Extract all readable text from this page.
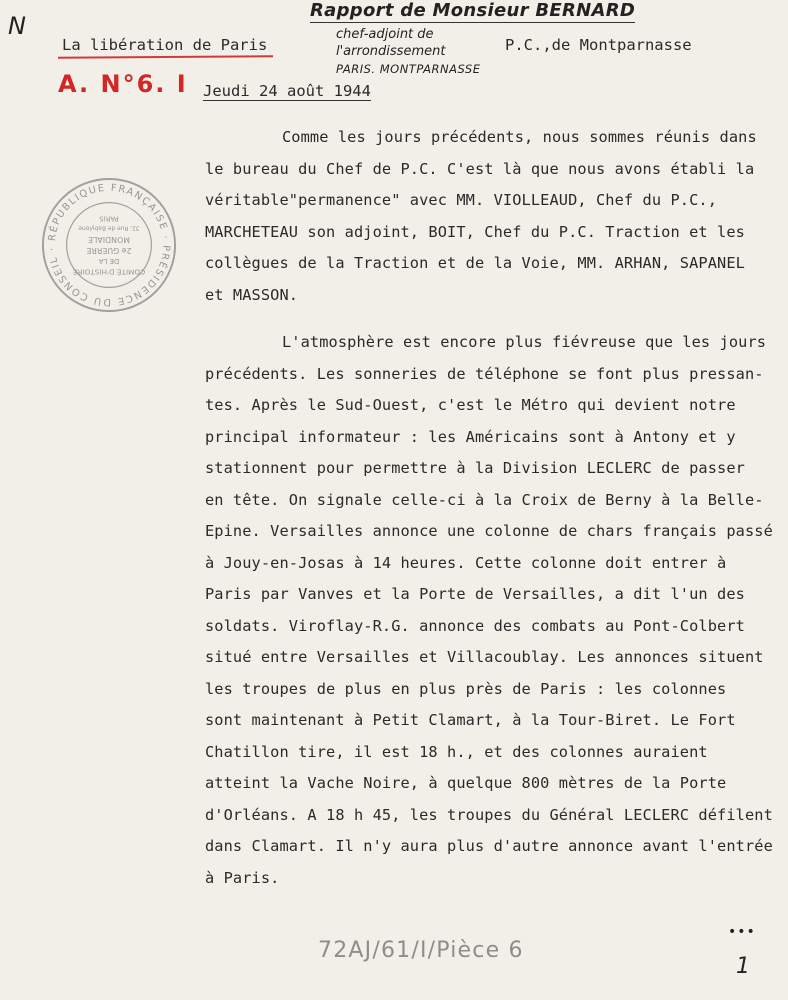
N
Rapport de Monsieur BERNARD
chef-adjoint de
l'arrondissement
PARIS. MONTPARNASSE
La libération de Paris	P.C.,de Montparnasse
A. N°6. I Jeudi 24 août 1944
PRÉSIDENCE DU CONSEIL · RÉPUBLIQUE FRANÇAISE ·
COMITÉ D'HISTOIRE
DE LA
2e GUERRE
MONDIALE
32, Rue de Babylone
PARIS
Comme les jours précédents, nous sommes réunis dans
le bureau du Chef de P.C. C'est là que nous avons établi la
véritable"permanence" avec MM. VIOLLEAUD, Chef du P.C.,
MARCHETEAU son adjoint, BOIT, Chef du P.C. Traction et les
collègues de la Traction et de la Voie, MM. ARHAN, SAPANEL
et MASSON.
L'atmosphère est encore plus fiévreuse que les jours
précédents. Les sonneries de téléphone se font plus pressan-
tes. Après le Sud-Ouest, c'est le Métro qui devient notre
principal informateur : les Américains sont à Antony et y
stationnent pour permettre à la Division LECLERC de passer
en tête. On signale celle-ci à la Croix de Berny à la Belle-
Epine. Versailles annonce une colonne de chars français passé
à Jouy-en-Josas à 14 heures. Cette colonne doit entrer à
Paris par Vanves et la Porte de Versailles, a dit l'un des
soldats. Viroflay-R.G. annonce des combats au Pont-Colbert
situé entre Versailles et Villacoublay. Les annonces situent
les troupes de plus en plus près de Paris : les colonnes
sont maintenant à Petit Clamart, à la Tour-Biret. Le Fort
Chatillon tire, il est 18 h., et des colonnes auraient
atteint la Vache Noire, à quelque 800 mètres de la Porte
d'Orléans. A 18 h 45, les troupes du Général LECLERC défilent
dans Clamart. Il n'y aura plus d'autre annonce avant l'entrée
à Paris.
72AJ/61/I/Pièce 6
•••
1
